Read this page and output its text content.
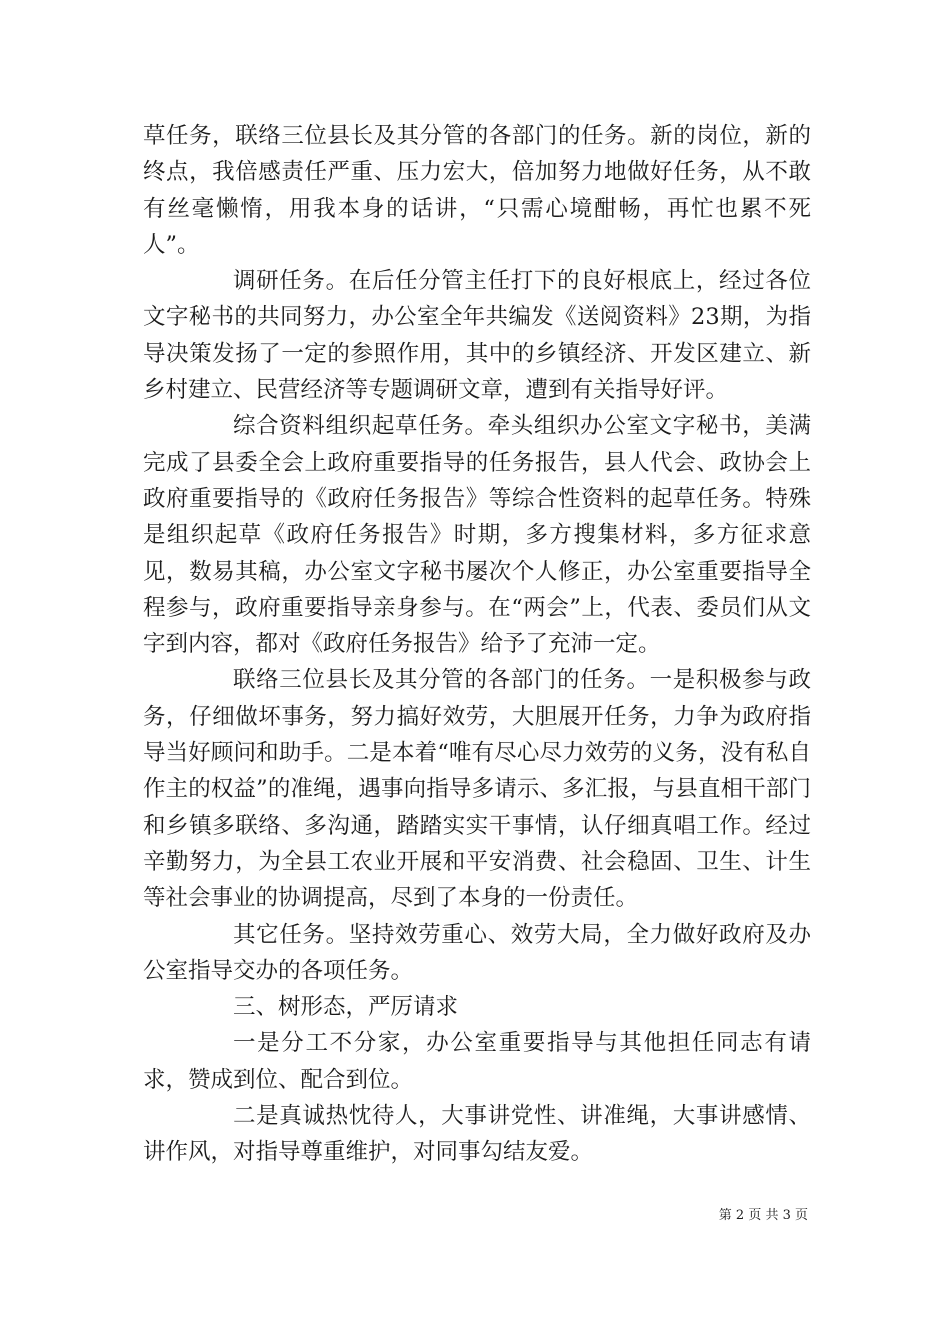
草任务，联络三位县长及其分管的各部门的任务。新的岗位，新的终点，我倍感责任严重、压力宏大，倍加努力地做好任务，从不敢有丝毫懒惰，用我本身的话讲，“只需心境酣畅，再忙也累不死人”。

调研任务。在后任分管主任打下的良好根底上，经过各位文字秘书的共同努力，办公室全年共编发《送阅资料》23期，为指导决策发扬了一定的参照作用，其中的乡镇经济、开发区建立、新乡村建立、民营经济等专题调研文章，遭到有关指导好评。

综合资料组织起草任务。牵头组织办公室文字秘书，美满完成了县委全会上政府重要指导的任务报告，县人代会、政协会上政府重要指导的《政府任务报告》等综合性资料的起草任务。特殊是组织起草《政府任务报告》时期，多方搜集材料，多方征求意见，数易其稿，办公室文字秘书屡次个人修正，办公室重要指导全程参与，政府重要指导亲身参与。在“两会”上，代表、委员们从文字到内容，都对《政府任务报告》给予了充沛一定。

联络三位县长及其分管的各部门的任务。一是积极参与政务，仔细做坏事务，努力搞好效劳，大胆展开任务，力争为政府指导当好顾问和助手。二是本着“唯有尽心尽力效劳的义务，没有私自作主的权益”的准绳，遇事向指导多请示、多汇报，与县直相干部门和乡镇多联络、多沟通，踏踏实实干事情，认仔细真唱工作。经过辛勤努力，为全县工农业开展和平安消费、社会稳固、卫生、计生等社会事业的协调提高，尽到了本身的一份责任。

其它任务。坚持效劳重心、效劳大局，全力做好政府及办公室指导交办的各项任务。

三、树形态，严厉请求

一是分工不分家，办公室重要指导与其他担任同志有请求，赞成到位、配合到位。

二是真诚热忱待人，大事讲党性、讲准绳，大事讲感情、讲作风，对指导尊重维护，对同事勾结友爱。

第 2 页 共 3 页
